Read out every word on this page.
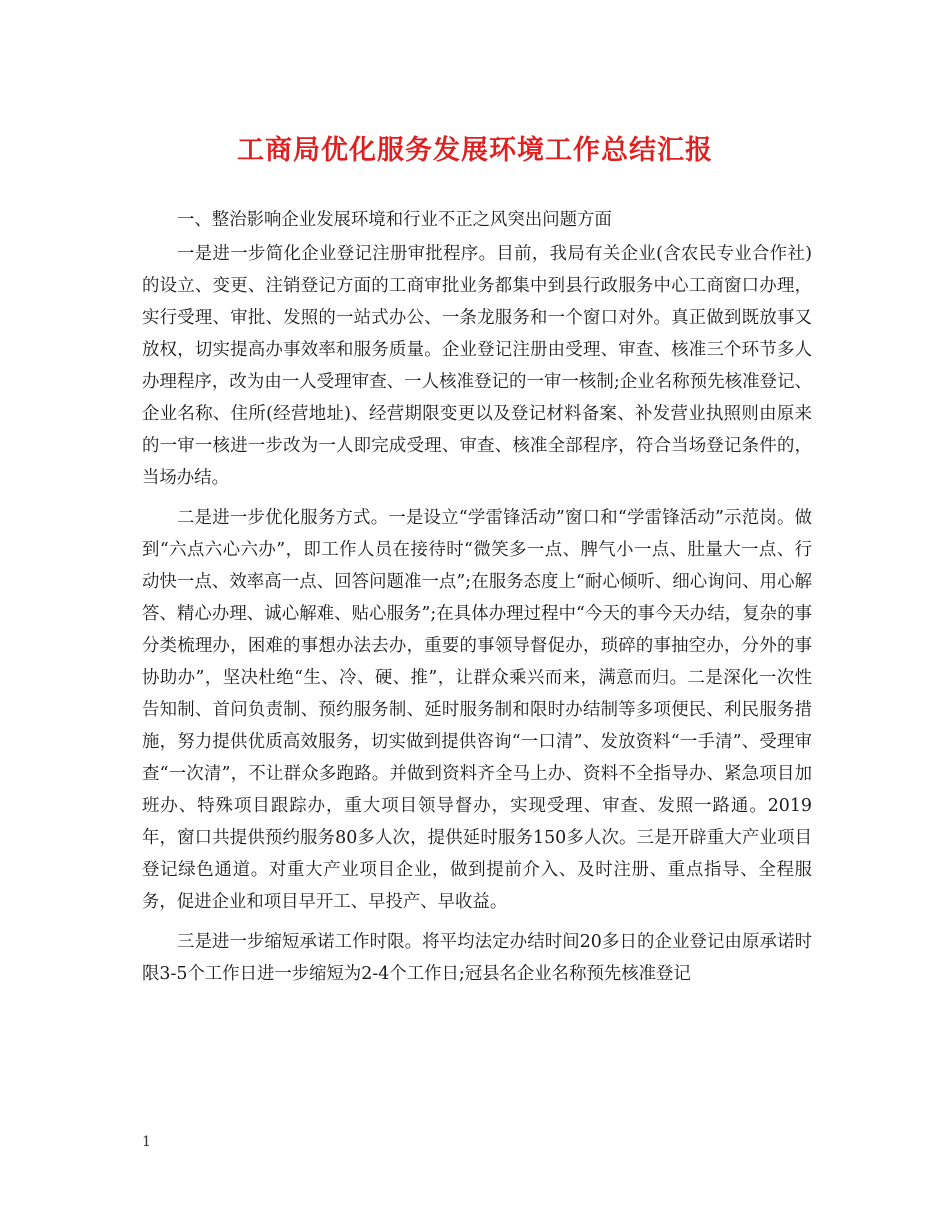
工商局优化服务发展环境工作总结汇报

一、整治影响企业发展环境和行业不正之风突出问题方面

一是进一步简化企业登记注册审批程序。目前，我局有关企业(含农民专业合作社)的设立、变更、注销登记方面的工商审批业务都集中到县行政服务中心工商窗口办理，实行受理、审批、发照的一站式办公、一条龙服务和一个窗口对外。真正做到既放事又放权，切实提高办事效率和服务质量。企业登记注册由受理、审查、核准三个环节多人办理程序，改为由一人受理审查、一人核准登记的一审一核制;企业名称预先核准登记、企业名称、住所(经营地址)、经营期限变更以及登记材料备案、补发营业执照则由原来的一审一核进一步改为一人即完成受理、审查、核准全部程序，符合当场登记条件的，当场办结。

二是进一步优化服务方式。一是设立“学雷锋活动”窗口和“学雷锋活动”示范岗。做到“六点六心六办”，即工作人员在接待时“微笑多一点、脾气小一点、肚量大一点、行动快一点、效率高一点、回答问题准一点”;在服务态度上“耐心倾听、细心询问、用心解答、精心办理、诚心解难、贴心服务”;在具体办理过程中“今天的事今天办结，复杂的事分类梳理办，困难的事想办法去办，重要的事领导督促办，琐碎的事抽空办，分外的事协助办”，坚决杜绝“生、冷、硬、推”，让群众乘兴而来，满意而归。二是深化一次性告知制、首问负责制、预约服务制、延时服务制和限时办结制等多项便民、利民服务措施，努力提供优质高效服务，切实做到提供咨询“一口清”、发放资料“一手清”、受理审查“一次清”，不让群众多跑路。并做到资料齐全马上办、资料不全指导办、紧急项目加班办、特殊项目跟踪办，重大项目领导督办，实现受理、审查、发照一路通。2019年，窗口共提供预约服务80多人次，提供延时服务150多人次。三是开辟重大产业项目登记绿色通道。对重大产业项目企业，做到提前介入、及时注册、重点指导、全程服务，促进企业和项目早开工、早投产、早收益。

三是进一步缩短承诺工作时限。将平均法定办结时间20多日的企业登记由原承诺时限3-5个工作日进一步缩短为2-4个工作日;冠县名企业名称预先核准登记

1
